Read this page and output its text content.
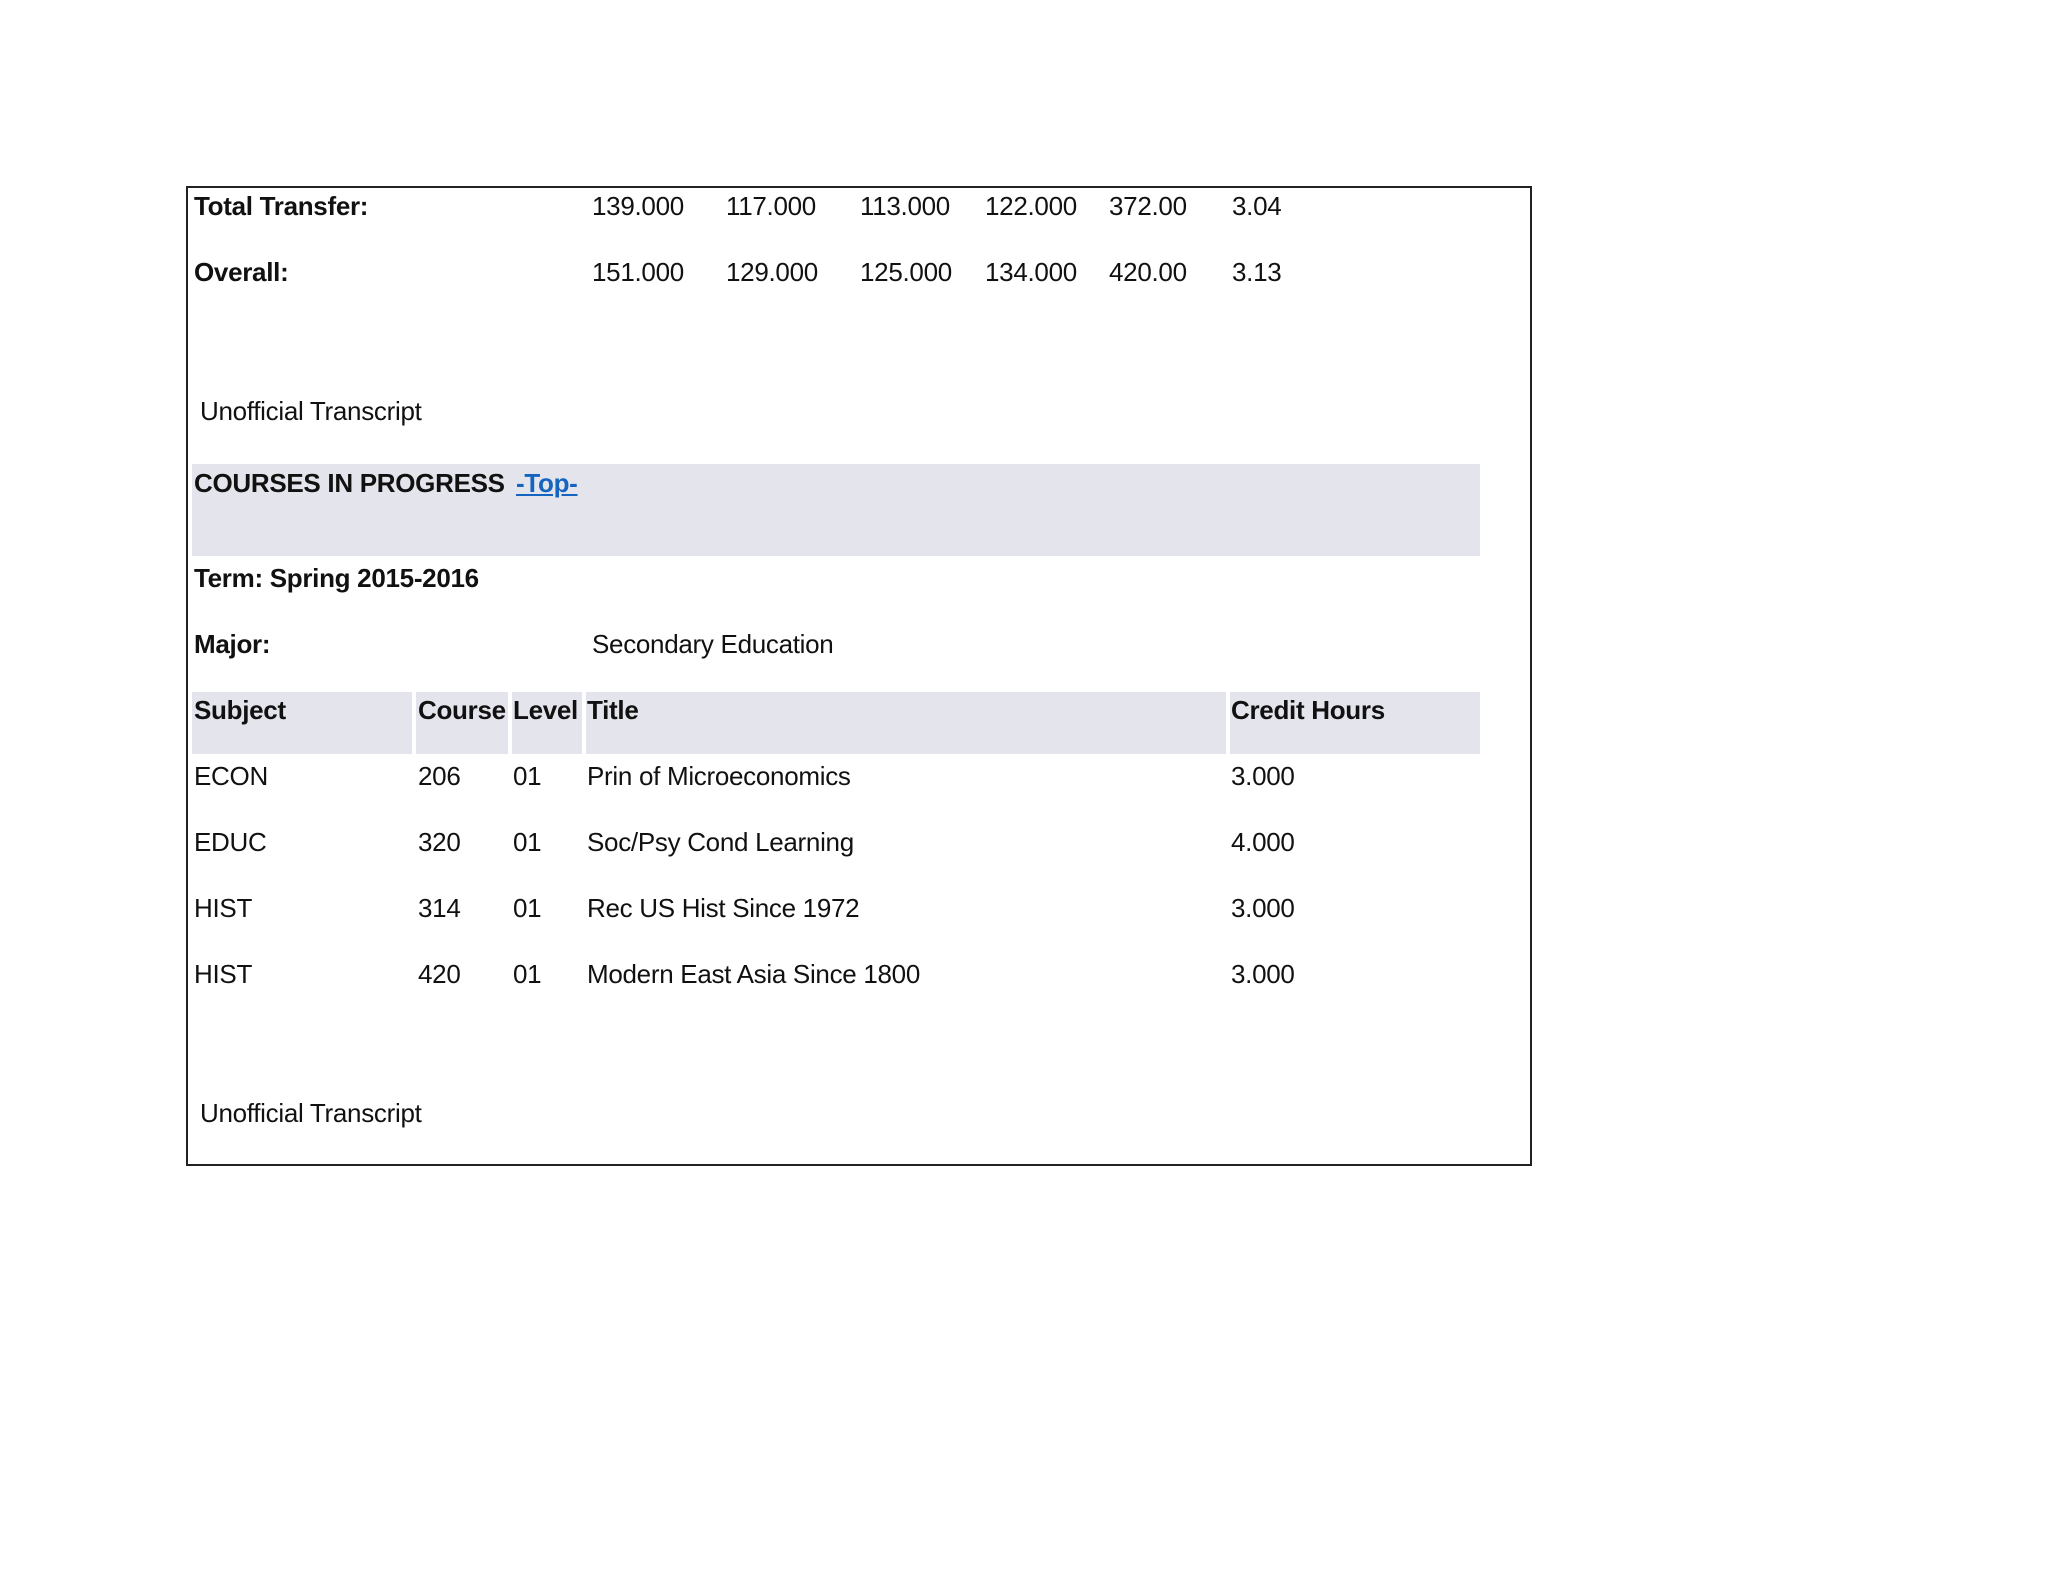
Total Transfer:	139.000 117.000 113.000 122.000 372.00 3.04
Overall:	151.000 129.000 125.000 134.000 420.00 3.13
Unofficial Transcript
COURSES IN PROGRESS -Top-
Term: Spring 2015-2016
Major:	Secondary Education
Subject	Course Level Title	Credit Hours
ECON	206 01 Prin of Microeconomics	3.000
EDUC	320 01 Soc/Psy Cond Learning	4.000
HIST	314 01 Rec US Hist Since 1972	3.000
HIST	420 01 Modern East Asia Since 1800	3.000
Unofficial Transcript
